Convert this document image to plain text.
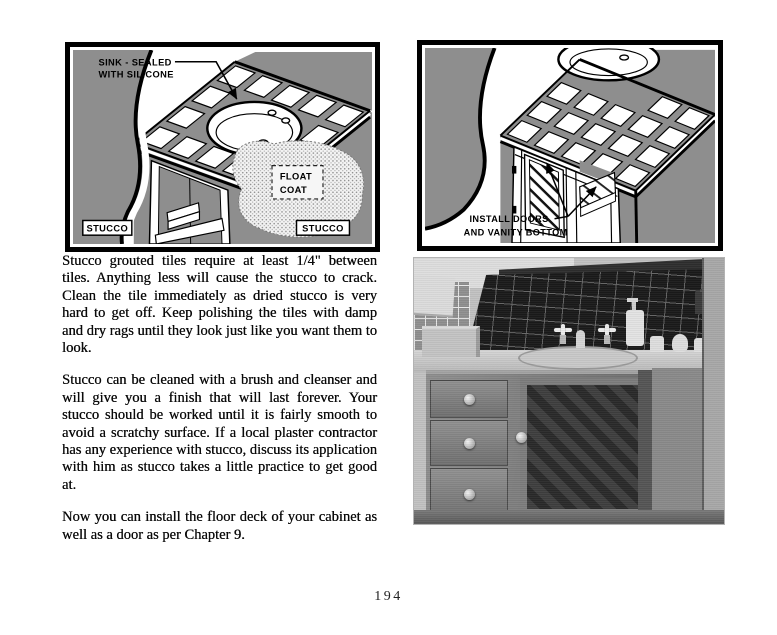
FLOAT
COAT
STUCCO	STUCCO
SINK - SEALED
WITH SILICONE
INSTALL DOORS
AND VANITY BOTTOM

Stucco grouted tiles require at least 1/4" between tiles. Anything less will cause the stucco to crack. Clean the tile immediately as dried stucco is very hard to get off. Keep polishing the tiles with damp and dry rags until they look just like you want them to look.

Stucco can be cleaned with a brush and cleanser and will give you a finish that will last forever. Your stucco should be worked until it is fairly smooth to avoid a scratchy surface. If a local plaster contractor has any experience with stucco, discuss its application with him as stucco takes a little practice to get good at.

Now you can install the floor deck of your cabinet as well as a door as per Chapter 9.

194
